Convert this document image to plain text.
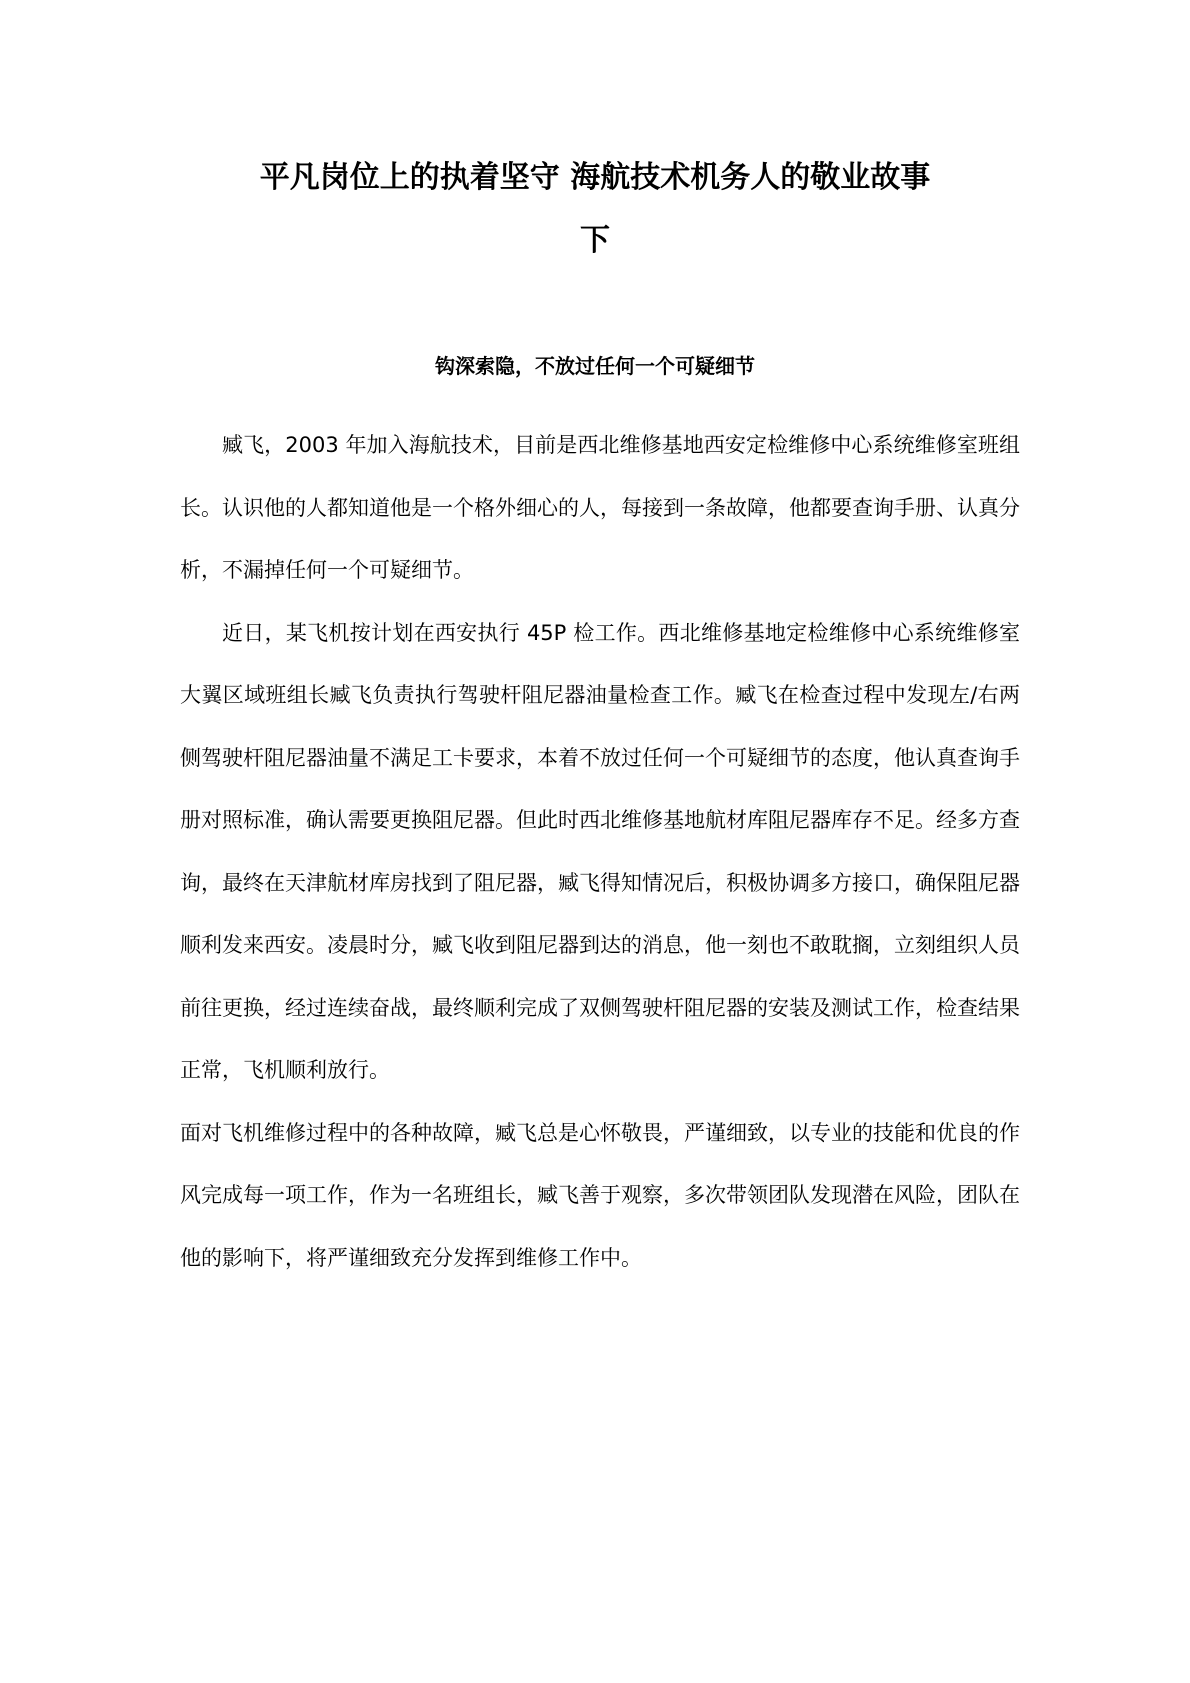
平凡岗位上的执着坚守 海航技术机务人的敬业故事
下
钩深索隐，不放过任何一个可疑细节

臧飞，2003 年加入海航技术，目前是西北维修基地西安定检维修中心系统维修室班组长。认识他的人都知道他是一个格外细心的人，每接到一条故障，他都要查询手册、认真分析，不漏掉任何一个可疑细节。

近日，某飞机按计划在西安执行 45P 检工作。西北维修基地定检维修中心系统维修室大翼区域班组长臧飞负责执行驾驶杆阻尼器油量检查工作。臧飞在检查过程中发现左/右两侧驾驶杆阻尼器油量不满足工卡要求，本着不放过任何一个可疑细节的态度，他认真查询手册对照标准，确认需要更换阻尼器。但此时西北维修基地航材库阻尼器库存不足。经多方查询，最终在天津航材库房找到了阻尼器，臧飞得知情况后，积极协调多方接口，确保阻尼器顺利发来西安。凌晨时分，臧飞收到阻尼器到达的消息，他一刻也不敢耽搁，立刻组织人员前往更换，经过连续奋战，最终顺利完成了双侧驾驶杆阻尼器的安装及测试工作，检查结果正常，飞机顺利放行。

面对飞机维修过程中的各种故障，臧飞总是心怀敬畏，严谨细致，以专业的技能和优良的作风完成每一项工作，作为一名班组长，臧飞善于观察，多次带领团队发现潜在风险，团队在他的影响下，将严谨细致充分发挥到维修工作中。
